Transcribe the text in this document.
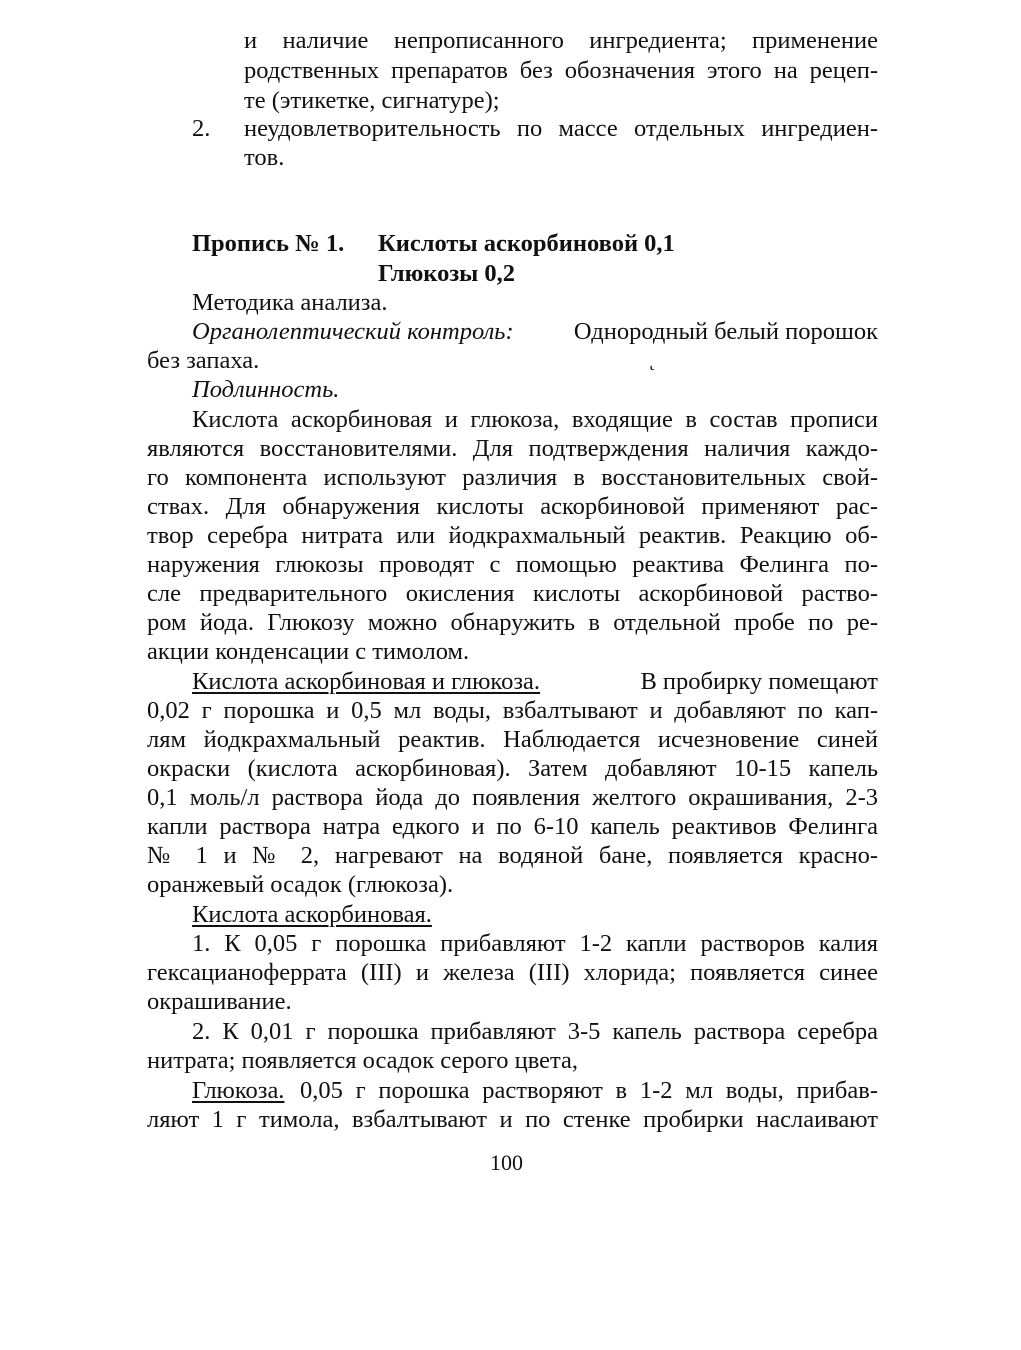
и наличие непрописанного ингредиента; применение
родственных препаратов без обозначения этого на рецеп-
те (этикетке, сигнатуре);
2. неудовлетворительность по массе отдельных ингредиен-
тов.
Пропись № 1. Кислоты аскорбиновой 0,1
Глюкозы 0,2
Методика анализа.
Органолептический контроль:	Однородный белый порошок
без запаха.	˛
Подлинность.
Кислота аскорбиновая и глюкоза, входящие в состав прописи
являются восстановителями. Для подтверждения наличия каждо-
го компонента используют различия в восстановительных свой-
ствах. Для обнаружения кислоты аскорбиновой применяют рас-
твор серебра нитрата или йодкрахмальный реактив. Реакцию об-
наружения глюкозы проводят с помощью реактива Фелинга по-
сле предварительного окисления кислоты аскорбиновой раство-
ром йода. Глюкозу можно обнаружить в отдельной пробе по ре-
акции конденсации с тимолом.
Кислота аскорбиновая и глюкоза.	В пробирку помещают
0,02 г порошка и 0,5 мл воды, взбалтывают и добавляют по кап-
лям йодкрахмальный реактив. Наблюдается исчезновение синей
окраски (кислота аскорбиновая). Затем добавляют 10-15 капель
0,1 моль/л раствора йода до появления желтого окрашивания, 2-3
капли раствора натра едкого и по 6-10 капель реактивов Фелинга
№ 1 и № 2, нагревают на водяной бане, появляется красно-
оранжевый осадок (глюкоза).
Кислота аскорбиновая.
1. К 0,05 г порошка прибавляют 1-2 капли растворов калия
гексацианоферрата (III) и железа (III) хлорида; появляется синее
окрашивание.
2. К 0,01 г порошка прибавляют 3-5 капель раствора серебра
нитрата; появляется осадок серого цвета,
Глюкоза. 0,05 г порошка растворяют в 1-2 мл воды, прибав-
ляют 1 г тимола, взбалтывают и по стенке пробирки наслаивают
100
